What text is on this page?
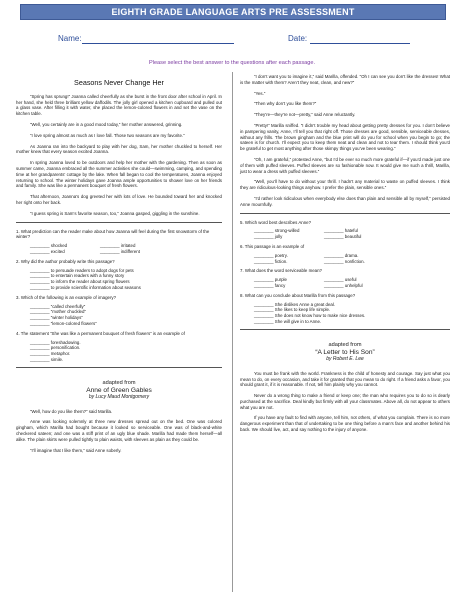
EIGHTH GRADE LANGUAGE ARTS PRE ASSESSMENT
Name:	Date:
Please select the best answer to the questions after each passage.
Seasons Never Change Her
“Spring has sprung!” Joanna called cheerfully as she burst in the front door after school in April. In her hand, she held three brilliant yellow daffodils. The jolly girl opened a kitchen cupboard and pulled out a glass vase. After filling it with water, she placed the lemon-colored flowers in and set the vase on the kitchen table.
“Well, you certainly are in a good mood today,” her mother answered, grinning.
“I love spring almost as much as I love fall. Those two seasons are my favorite.”
As Joanna ran into the backyard to play with her dog, Sam, her mother chuckled to herself. Her mother knew that every season excited Joanna.
In spring Joanna loved to be outdoors and help her mother with the gardening. Then as soon as summer came, Joanna embraced all the summer activities she could—swimming, camping, and spending time at her grandparents’ cottage by the lake. When fall began to cool the temperatures, Joanna enjoyed returning to school. The winter holidays gave Joanna ample opportunities to shower love on her friends and family. She was like a permanent bouquet of fresh flowers.
That afternoon, Joanna’s dog greeted her with lots of love. He bounded toward her and knocked her right onto her back.
“I guess spring is Sam’s favorite season, too,” Joanna gasped, giggling in the sunshine.
1. What prediction can the reader make about how Joanna will feel during the first snowstorm of the winter?
_____ shocked	_____ irritated
_____ excited	_____ indifferent
2. Why did the author probably write this passage?
_____ to persuade readers to adopt dogs for pets
_____ to entertain readers with a funny story
_____ to inform the reader about spring flowers
_____ to provide scientific information about seasons
3. Which of the following is an example of imagery?
_____ “called cheerfully”
_____ “mother chuckled”
_____ “winter holidays”
_____ “lemon-colored flowers”
4. The statement “She was like a permanent bouquet of fresh flowers” is an example of
_____ foreshadowing.
_____ personification.
_____ metaphor.
_____ simile.
adapted from
Anne of Green Gables
by Lucy Maud Montgomery
“Well, how do you like them?” said Marilla.
Anne was looking solemnly at three new dresses spread out on the bed. One was colored gingham, which Marilla had bought because it looked so serviceable. One was of black-and-white checkered sateen; and one was a stiff print of an ugly blue shade. Marilla had made them herself—all alike. The plain skirts were pulled tightly to plain waists, with sleeves as plain as they could be.
“I’ll imagine that I like them,” said Anne soberly.
“I don’t want you to imagine it,” said Marilla, offended. “Oh I can see you don’t like the dresses! What is the matter with them? Aren’t they neat, clean, and new?”
“Yes.”
“Then why don’t you like them?”
“They’re—they’re not—pretty,” said Anne reluctantly.
“Pretty!” Marilla sniffed. “I didn’t trouble my head about getting pretty dresses for you. I don’t believe in pampering vanity, Anne, I’ll tell you that right off. Those dresses are good, sensible, serviceable dresses, without any frills. The brown gingham and the blue print will do you for school when you begin to go; the sateen is for church. I’ll expect you to keep them neat and clean and not to tear them. I should think you’d be grateful to get most anything after those skimpy things you’ve been wearing.”
“Oh, I am grateful,” protested Anne, “but I’d be ever so much more grateful if—if you’d made just one of them with puffed sleeves. Puffed sleeves are so fashionable now. It would give me such a thrill, Marilla, just to wear a dress with puffed sleeves.”
“Well, you’ll have to do without your thrill. I hadn’t any material to waste on puffed sleeves. I think they are ridiculous-looking things anyhow. I prefer the plain, sensible ones.”
“I’d rather look ridiculous when everybody else does than plain and sensible all by myself,” persisted Anne mournfully.
5. Which word best describes Anne?
_____ strong-willed	_____ hateful
_____ jolly	_____ beautiful
6. This passage is an example of
_____ poetry.	_____ drama.
_____ fiction.	_____ nonfiction.
7. What does the word serviceable mean?
_____ purple	_____ useful
_____ fancy	_____ unhelpful
8. What can you conclude about Marilla from this passage?
_____ She dislikes Anne a great deal.
_____ She likes to keep life simple.
_____ She does not know how to make nice dresses.
_____ She will give in to Anne.
adapted from
“A Letter to His Son”
by Robert E. Lee
You must be frank with the world. Frankness is the child of honesty and courage. Say just what you mean to do, on every occasion, and take it for granted that you mean to do right. If a friend asks a favor, you should grant it, if it is reasonable. If not, tell him plainly why you cannot.
Never do a wrong thing to make a friend or keep one; the man who requires you to do so is dearly purchased at the sacrifice. Deal kindly but firmly with all your classmates. Above all, do not appear to others what you are not.
If you have any fault to find with anyone, tell him, not others, of what you complain. There is no more dangerous experiment than that of undertaking to be one thing before a man’s face and another behind his back. We should live, act, and say nothing to the injury of anyone.
